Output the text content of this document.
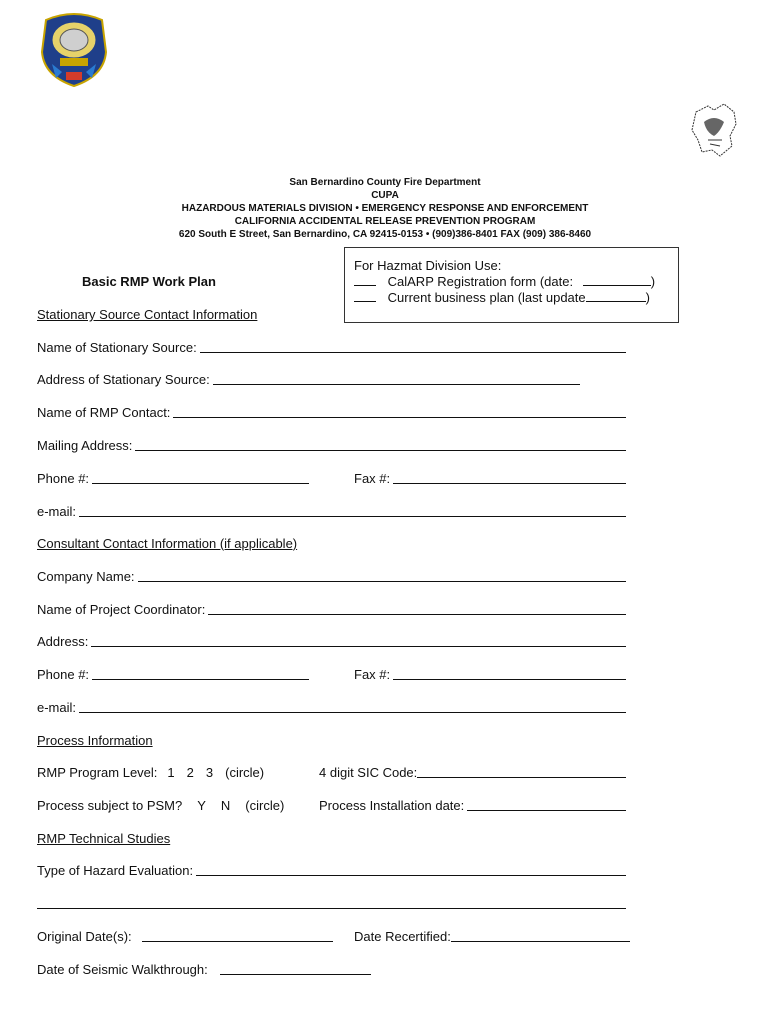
San Bernardino County Fire Department
CUPA
HAZARDOUS MATERIALS DIVISION • EMERGENCY RESPONSE AND ENFORCEMENT
CALIFORNIA ACCIDENTAL RELEASE PREVENTION PROGRAM
620 South E Street, San Bernardino, CA 92415-0153 • (909)386-8401 FAX (909) 386-8460
Basic RMP Work Plan
For Hazmat Division Use:
CalARP Registration form (date:	)
Current business plan (last update	)
Stationary Source Contact Information
Name of Stationary Source:
Address of Stationary Source:
Name of RMP Contact:
Mailing Address:
Phone #:	Fax #:
e-mail:
Consultant Contact Information (if applicable)
Company Name:
Name of Project Coordinator:
Address:
Phone #:	Fax #:
e-mail:
Process Information
RMP Program Level: 1 2 3 (circle)	4 digit SIC Code:
Process subject to PSM? Y N (circle)	Process Installation date:
RMP Technical Studies
Type of Hazard Evaluation:
Original Date(s):	Date Recertified:
Date of Seismic Walkthrough:
